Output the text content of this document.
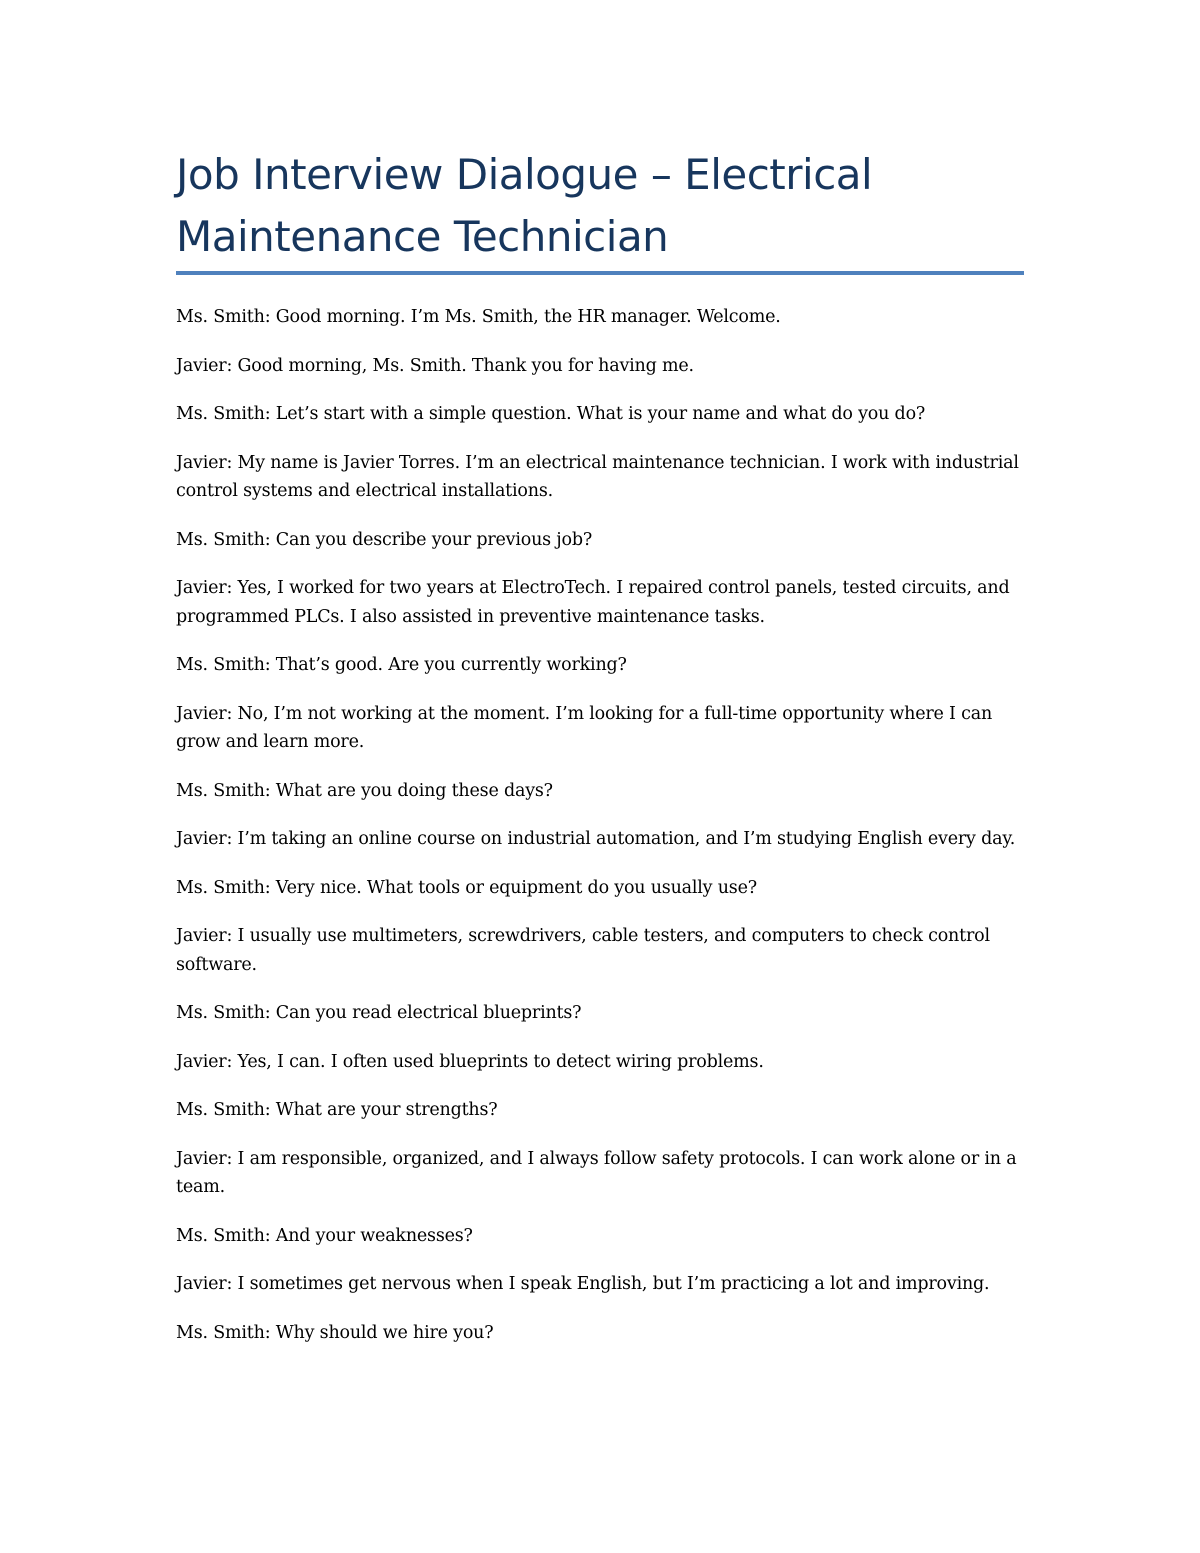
Job Interview Dialogue – Electrical Maintenance Technician

Ms. Smith: Good morning. I’m Ms. Smith, the HR manager. Welcome.

Javier: Good morning, Ms. Smith. Thank you for having me.

Ms. Smith: Let’s start with a simple question. What is your name and what do you do?

Javier: My name is Javier Torres. I’m an electrical maintenance technician. I work with industrial control systems and electrical installations.

Ms. Smith: Can you describe your previous job?

Javier: Yes, I worked for two years at ElectroTech. I repaired control panels, tested circuits, and programmed PLCs. I also assisted in preventive maintenance tasks.

Ms. Smith: That’s good. Are you currently working?

Javier: No, I’m not working at the moment. I’m looking for a full-time opportunity where I can grow and learn more.

Ms. Smith: What are you doing these days?

Javier: I’m taking an online course on industrial automation, and I’m studying English every day.

Ms. Smith: Very nice. What tools or equipment do you usually use?

Javier: I usually use multimeters, screwdrivers, cable testers, and computers to check control software.

Ms. Smith: Can you read electrical blueprints?

Javier: Yes, I can. I often used blueprints to detect wiring problems.

Ms. Smith: What are your strengths?

Javier: I am responsible, organized, and I always follow safety protocols. I can work alone or in a team.

Ms. Smith: And your weaknesses?

Javier: I sometimes get nervous when I speak English, but I’m practicing a lot and improving.

Ms. Smith: Why should we hire you?
